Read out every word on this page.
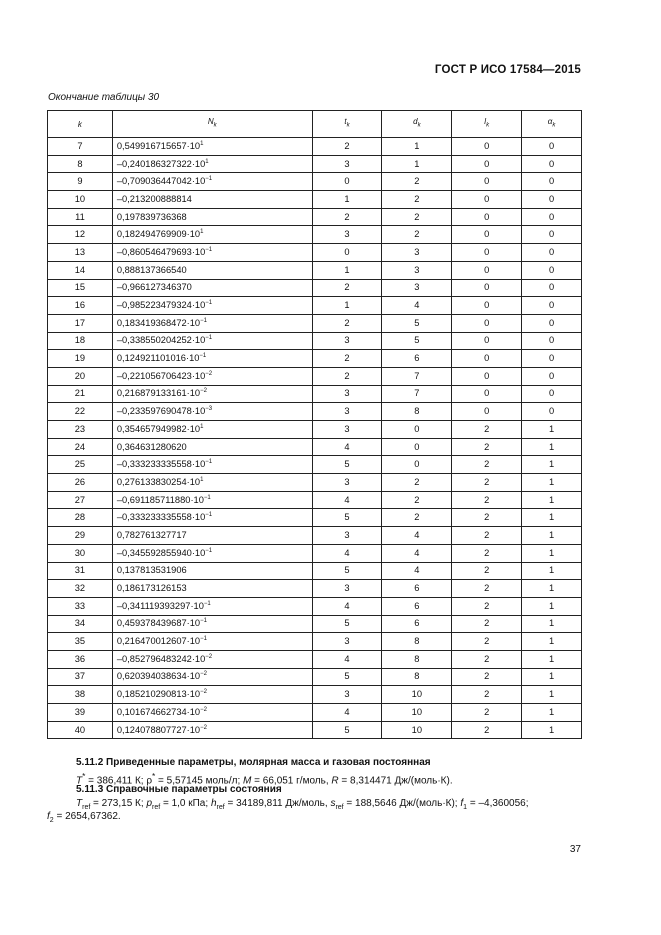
ГОСТ Р ИСО 17584—2015
Окончание таблицы 30
k	$N_k$	$t_k$	$d_k$	$l_k$	$\alpha_k$
7	$0,549916715657\cdot 10^1$	2	1	0	0
8	$-0,240186327322\cdot 10^1$	3	1	0	0
9	$-0,709036447042\cdot 10^{-1}$	0	2	0	0
10	–0,213200888814	1	2	0	0
11	0,197839736368	2	2	0	0
12	$0,182494769909\cdot 10^1$	3	2	0	0
13	$-0,860546479693\cdot 10^{-1}$	0	3	0	0
14	0,888137366540	1	3	0	0
15	–0,966127346370	2	3	0	0
16	$-0,985223479324\cdot 10^{-1}$	1	4	0	0
17	$0,183419368472\cdot 10^{-1}$	2	5	0	0
18	$-0,338550204252\cdot 10^{-1}$	3	5	0	0
19	$0,124921101016\cdot 10^{-1}$	2	6	0	0
20	$-0,221056706423\cdot 10^{-2}$	2	7	0	0
21	$0,216879133161\cdot 10^{-2}$	3	7	0	0
22	$-0,233597690478\cdot 10^{-3}$	3	8	0	0
23	$0,354657949982\cdot 10^1$	3	0	2	1
24	0,364631280620	4	0	2	1
25	$-0,333233335558\cdot 10^{-1}$	5	0	2	1
26	$0,276133830254\cdot 10^1$	3	2	2	1
27	$-0,691185711880\cdot 10^{-1}$	4	2	2	1
28	$-0,333233335558\cdot 10^{-1}$	5	2	2	1
29	0,782761327717	3	4	2	1
30	$-0,345592855940\cdot 10^{-1}$	4	4	2	1
31	0,137813531906	5	4	2	1
32	0,186173126153	3	6	2	1
33	$-0,341119393297\cdot 10^{-1}$	4	6	2	1
34	$0,459378439687\cdot 10^{-1}$	5	6	2	1
35	$0,216470012607\cdot 10^{-1}$	3	8	2	1
36	$-0,852796483242\cdot 10^{-2}$	4	8	2	1
37	$0,620394038634\cdot 10^{-2}$	5	8	2	1
38	$0,185210290813\cdot 10^{-2}$	3	10	2	1
39	$0,101674662734\cdot 10^{-2}$	4	10	2	1
40	$0,124078807727\cdot 10^{-2}$	5	10	2	1
5.11.2 Приведенные параметры, молярная масса и газовая постоянная
T* = 386,411 К; ρ* = 5,57145 моль/л; M = 66,051 г/моль, R = 8,314471 Дж/(моль·К).
5.11.3 Справочные параметры состояния
$T_{ref} = 273,15$ К; $p_{ref} = 1,0$ кПа; $h_{ref} = 34189,811$ Дж/моль, $s_{ref} = 188,5646$ Дж/(моль·К); $f_1 = -4,360056$;
$f_2 = 2654,67362$.
37
